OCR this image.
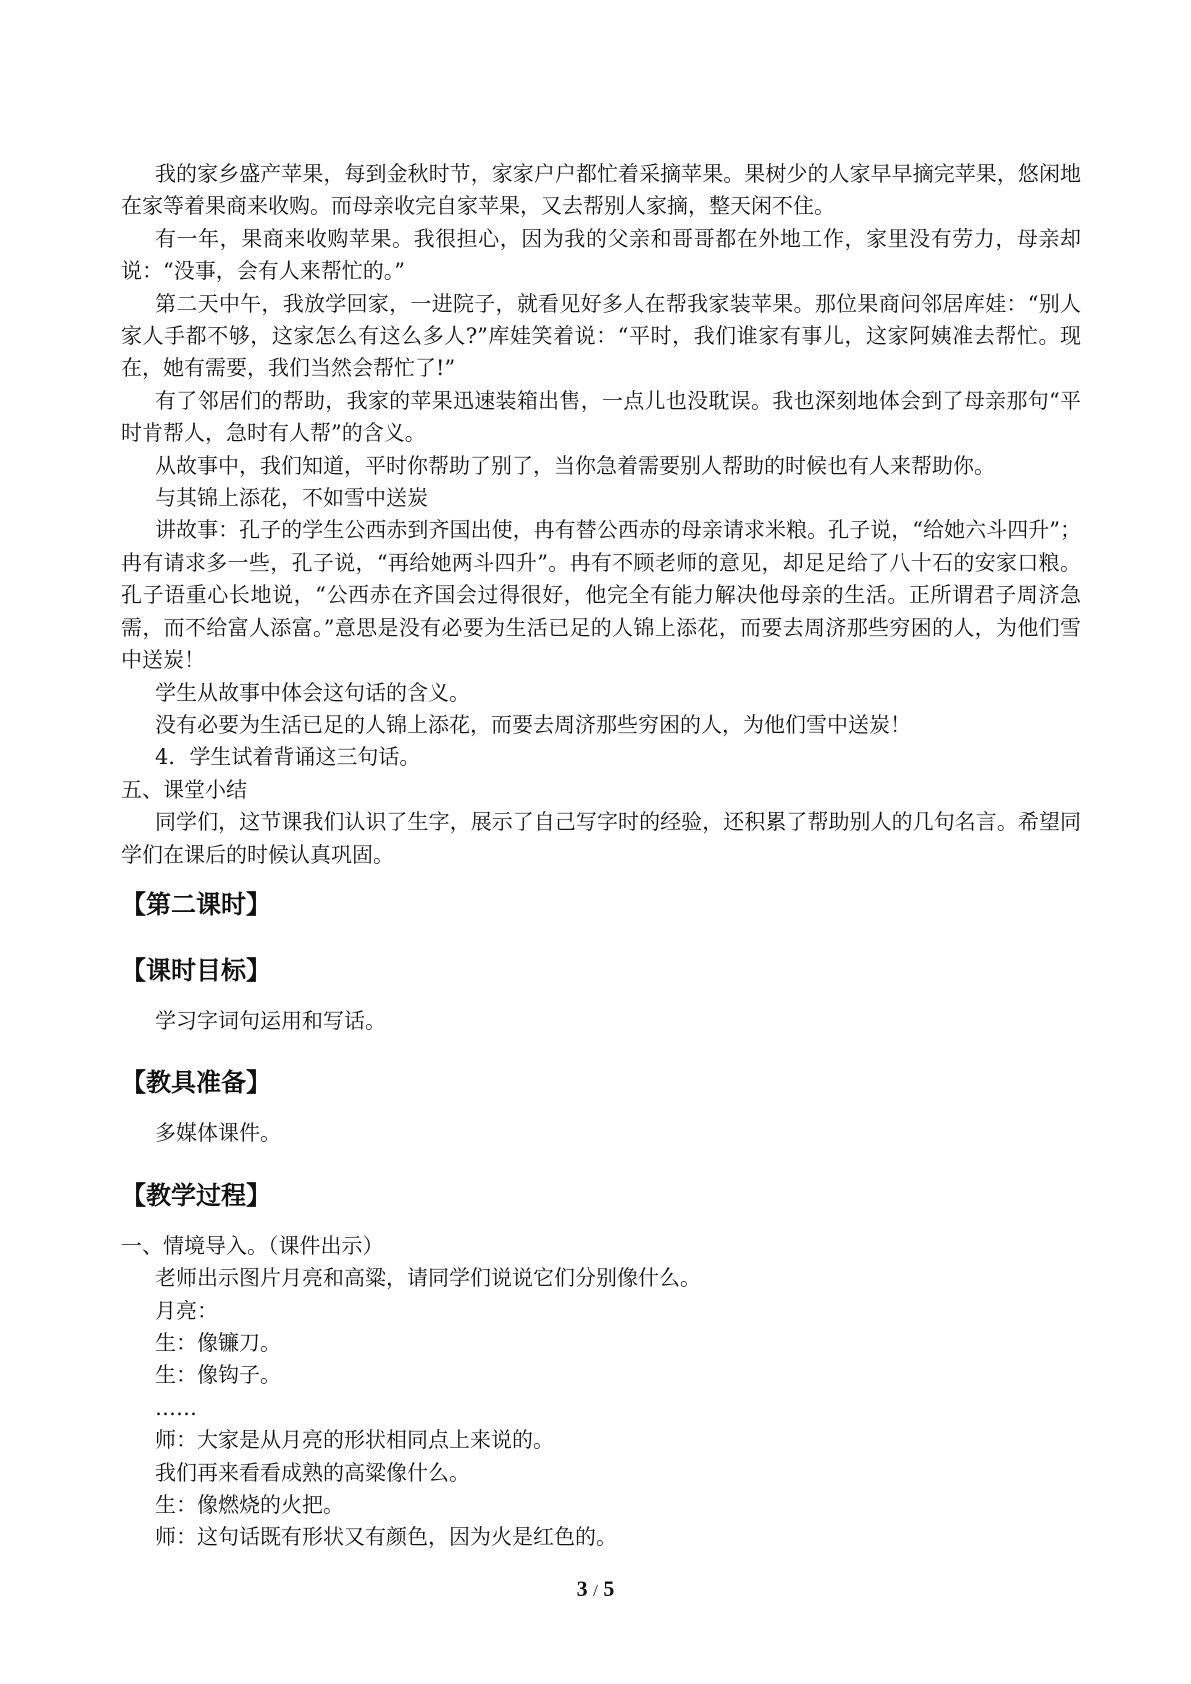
我的家乡盛产苹果，每到金秋时节，家家户户都忙着采摘苹果。果树少的人家早早摘完苹果，悠闲地在家等着果商来收购。而母亲收完自家苹果，又去帮别人家摘，整天闲不住。

有一年，果商来收购苹果。我很担心，因为我的父亲和哥哥都在外地工作，家里没有劳力，母亲却说：“没事，会有人来帮忙的。”

第二天中午，我放学回家，一进院子，就看见好多人在帮我家装苹果。那位果商问邻居库娃：“别人家人手都不够，这家怎么有这么多人?”库娃笑着说：“平时，我们谁家有事儿，这家阿姨准去帮忙。现在，她有需要，我们当然会帮忙了!”

有了邻居们的帮助，我家的苹果迅速装箱出售，一点儿也没耽误。我也深刻地体会到了母亲那句“平时肯帮人，急时有人帮”的含义。

从故事中，我们知道，平时你帮助了别了，当你急着需要别人帮助的时候也有人来帮助你。

与其锦上添花，不如雪中送炭

讲故事：孔子的学生公西赤到齐国出使，冉有替公西赤的母亲请求米粮。孔子说，“给她六斗四升”；冉有请求多一些，孔子说，“再给她两斗四升”。冉有不顾老师的意见，却足足给了八十石的安家口粮。孔子语重心长地说，“公西赤在齐国会过得很好，他完全有能力解决他母亲的生活。正所谓君子周济急需，而不给富人添富。”意思是没有必要为生活已足的人锦上添花，而要去周济那些穷困的人，为他们雪中送炭！

学生从故事中体会这句话的含义。

没有必要为生活已足的人锦上添花，而要去周济那些穷困的人，为他们雪中送炭！

4．学生试着背诵这三句话。

五、课堂小结

同学们，这节课我们认识了生字，展示了自己写字时的经验，还积累了帮助别人的几句名言。希望同学们在课后的时候认真巩固。

【第二课时】
【课时目标】

学习字词句运用和写话。

【教具准备】

多媒体课件。

【教学过程】

一、情境导入。（课件出示）

老师出示图片月亮和高粱，请同学们说说它们分别像什么。

月亮：

生：像镰刀。

生：像钩子。

……

师：大家是从月亮的形状相同点上来说的。

我们再来看看成熟的高粱像什么。

生：像燃烧的火把。

师：这句话既有形状又有颜色，因为火是红色的。

3 / 5
